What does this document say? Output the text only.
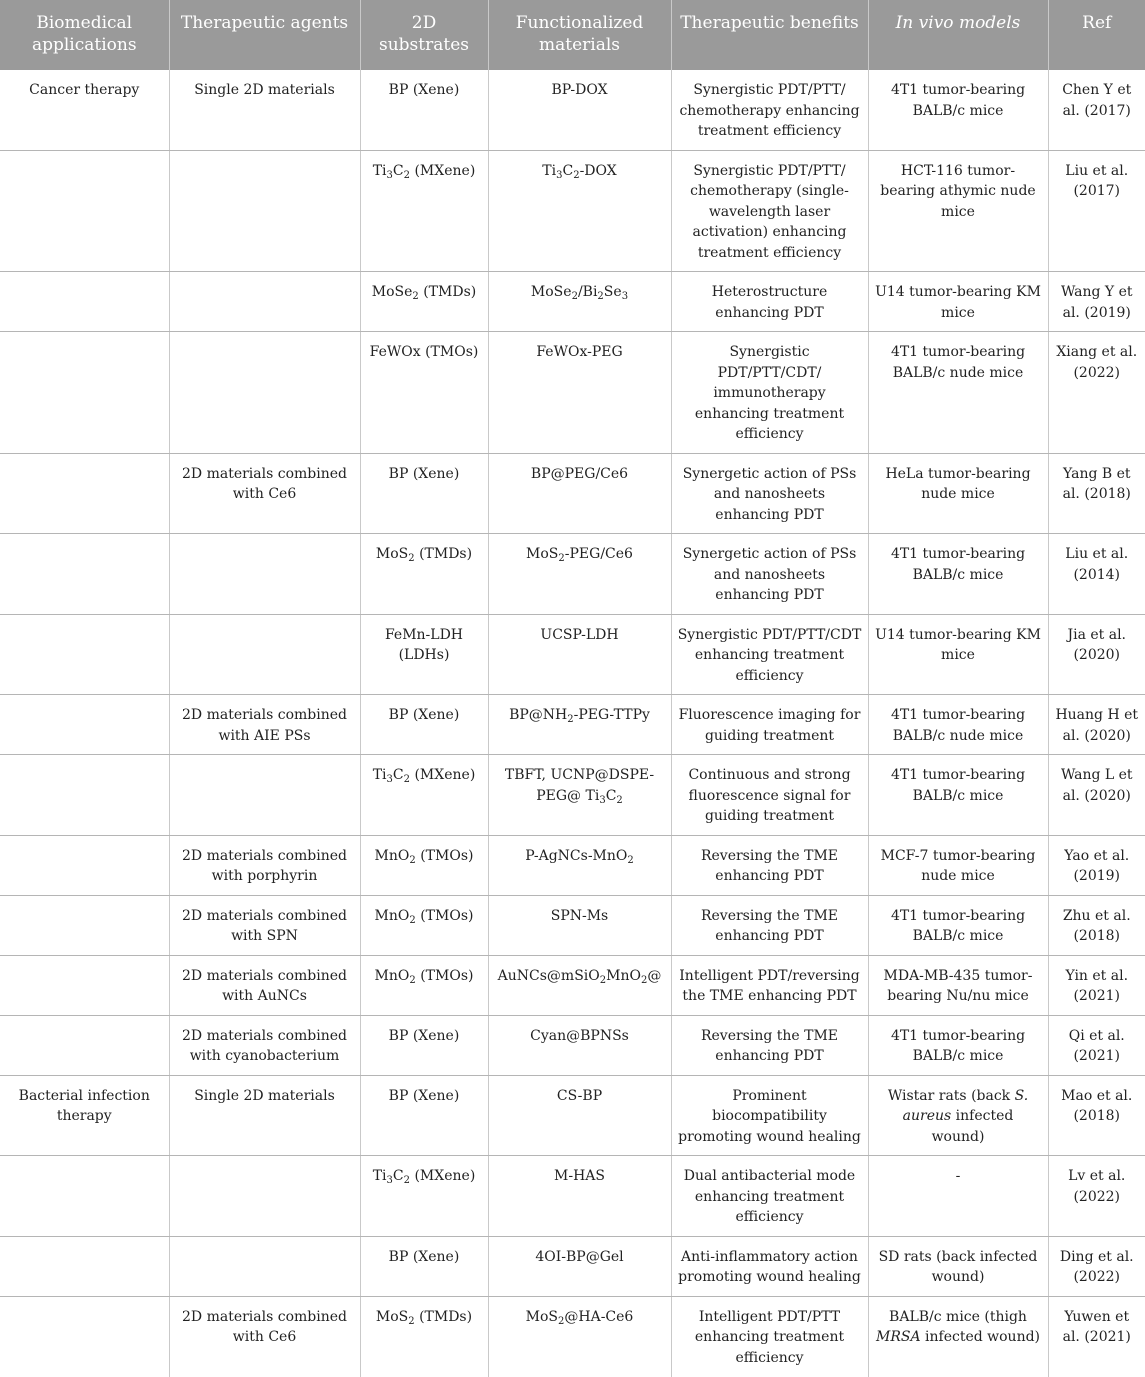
Biomedical applications	Therapeutic agents	2D substrates	Functionalized materials	Therapeutic benefits	In vivo models	Ref
Cancer therapy	Single 2D materials	BP (Xene)	BP-DOX	Synergistic PDT/PTT/ chemotherapy enhancing treatment efficiency	4T1 tumor-bearing BALB/c mice	Chen Y et al. (2017)
		$Ti_3C_2$ (MXene)	$Ti_3C_2$-DOX	Synergistic PDT/PTT/ chemotherapy (single-wavelength laser activation) enhancing treatment efficiency	HCT-116 tumor-bearing athymic nude mice	Liu et al. (2017)
		MoSe$_2$ (TMDs)	$MoSe_2/Bi_2Se_3$	Heterostructure enhancing PDT	U14 tumor-bearing KM mice	Wang Y et al. (2019)
		FeWOx (TMOs)	FeWOx-PEG	Synergistic PDT/PTT/CDT/ immunotherapy enhancing treatment efficiency	4T1 tumor-bearing BALB/c nude mice	Xiang et al. (2022)
	2D materials combined with Ce6	BP (Xene)	BP@PEG/Ce6	Synergetic action of PSs and nanosheets enhancing PDT	HeLa tumor-bearing nude mice	Yang B et al. (2018)
		MoS$_2$ (TMDs)	MoS$_2$-PEG/Ce6	Synergetic action of PSs and nanosheets enhancing PDT	4T1 tumor-bearing BALB/c mice	Liu et al. (2014)
		FeMn-LDH (LDHs)	UCSP-LDH	Synergistic PDT/PTT/CDT enhancing treatment efficiency	U14 tumor-bearing KM mice	Jia et al. (2020)
	2D materials combined with AIE PSs	BP (Xene)	$BP@NH_2-PEG$-TTPy	Fluorescence imaging for guiding treatment	4T1 tumor-bearing BALB/c nude mice	Huang H et al. (2020)
		$Ti_3C_2$ (MXene)	TBFT, UCNP@DSPE-PEG@ $Ti_3C_2$	Continuous and strong fluorescence signal for guiding treatment	4T1 tumor-bearing BALB/c mice	Wang L et al. (2020)
	2D materials combined with porphyrin	MnO$_2$ (TMOs)	P-AgNCs-MnO$_2$	Reversing the TME enhancing PDT	MCF-7 tumor-bearing nude mice	Yao et al. (2019)
	2D materials combined with SPN	MnO$_2$ (TMOs)	SPN-Ms	Reversing the TME enhancing PDT	4T1 tumor-bearing BALB/c mice	Zhu et al. (2018)
	2D materials combined with AuNCs	MnO$_2$ (TMOs)	AuNCs@mSiO$_2$MnO$_2$@	Intelligent PDT/reversing the TME enhancing PDT	MDA-MB-435 tumor-bearing Nu/nu mice	Yin et al. (2021)
	2D materials combined with cyanobacterium	BP (Xene)	Cyan@BPNSs	Reversing the TME enhancing PDT	4T1 tumor-bearing BALB/c mice	Qi et al. (2021)
Bacterial infection therapy	Single 2D materials	BP (Xene)	CS-BP	Prominent biocompatibility promoting wound healing	Wistar rats (back S. aureus infected wound)	Mao et al. (2018)
		$Ti_3C_2$ (MXene)	M-HAS	Dual antibacterial mode enhancing treatment efficiency	-	Lv et al. (2022)
		BP (Xene)	4OI-BP@Gel	Anti-inflammatory action promoting wound healing	SD rats (back infected wound)	Ding et al. (2022)
	2D materials combined with Ce6	MoS$_2$ (TMDs)	MoS$_2$@HA-Ce6	Intelligent PDT/PTT enhancing treatment efficiency	BALB/c mice (thigh MRSA infected wound)	Yuwen et al. (2021)
